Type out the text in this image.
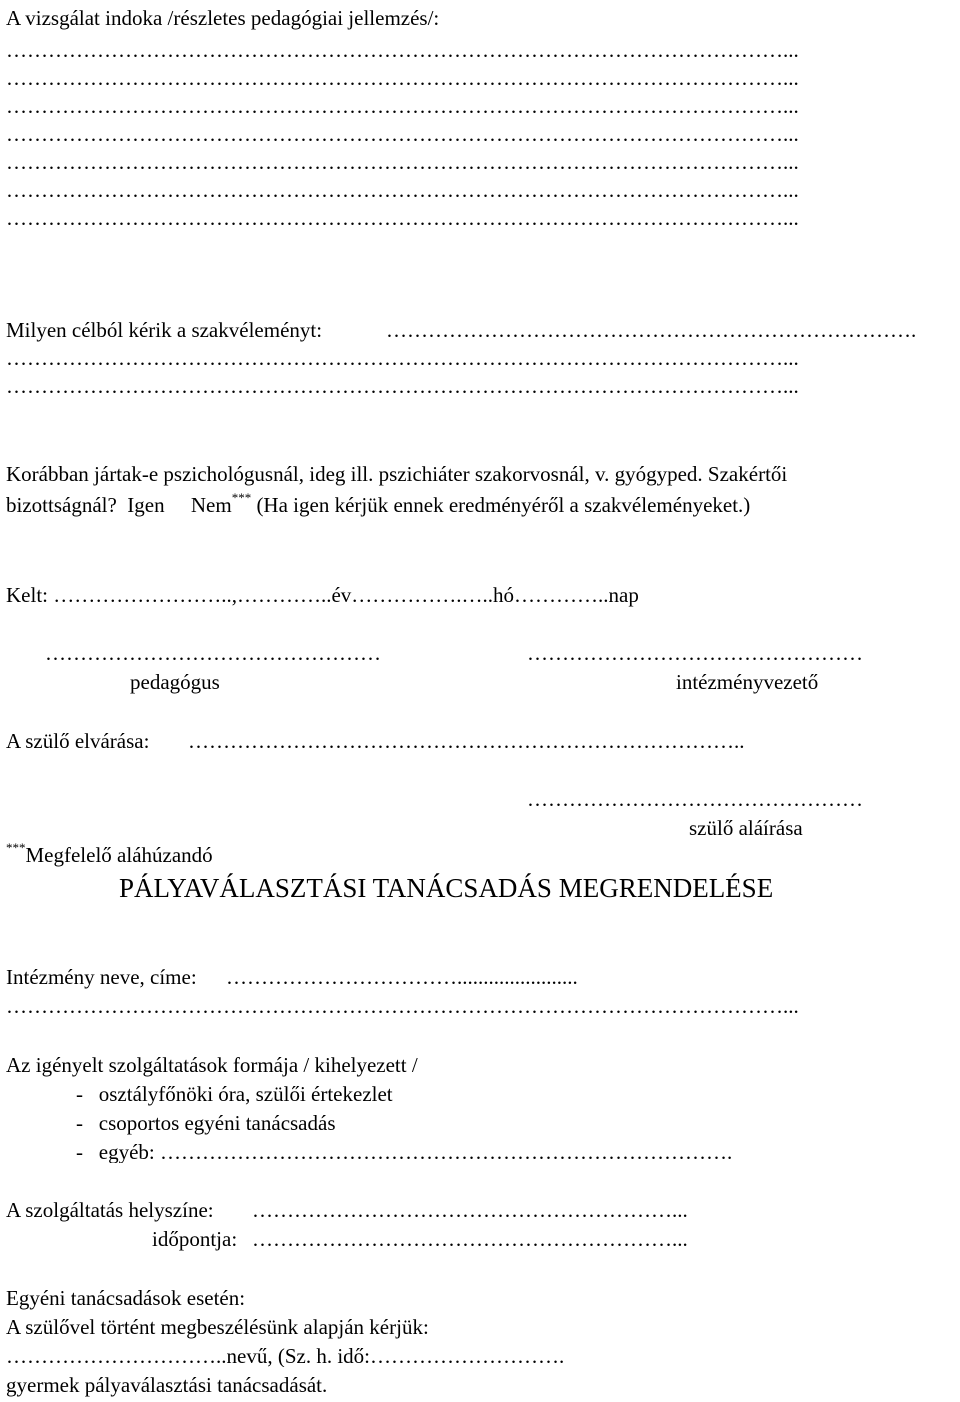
A vizsgálat indoka /részletes pedagógiai jellemzés/:
…………………………………………………………………………………………………...
…………………………………………………………………………………………………...
…………………………………………………………………………………………………...
…………………………………………………………………………………………………...
…………………………………………………………………………………………………...
…………………………………………………………………………………………………...
…………………………………………………………………………………………………...
Milyen célból kérik a szakvéleményt:	………………………………………………………………….
…………………………………………………………………………………………………...
…………………………………………………………………………………………………...
Korábban jártak-e pszichológusnál, ideg ill. pszichiáter szakorvosnál, v. gyógyped. Szakértői
bizottságnál?  Igen     Nem*** (Ha igen kérjük ennek eredményéről a szakvéleményeket.)
Kelt: ……………………..,…………..év…………….…..hó…………..nap
…………………………………………
pedagógus
…………………………………………
intézményvezető
A szülő elvárása: ……………………………………………………………………..
…………………………………………
szülő aláírása
***Megfelelő aláhúzandó
PÁLYAVÁLASZTÁSI TANÁCSADÁS MEGRENDELÉSE
Intézmény neve, címe: …………………………….......................
…………………………………………………………………………………………………...
Az igényelt szolgáltatások formája / kihelyezett /
-   osztályfőnöki óra, szülői értekezlet
-   csoportos egyéni tanácsadás
-   egyéb: ……………………………………………………………………….
A szolgáltatás helyszíne: ……………………………………………………...
időpontja: ……………………………………………………...
Egyéni tanácsadások esetén:
A szülővel történt megbeszélésünk alapján kérjük:
…………………………..nevű, (Sz. h. idő:……………………….
gyermek pályaválasztási tanácsadását.
